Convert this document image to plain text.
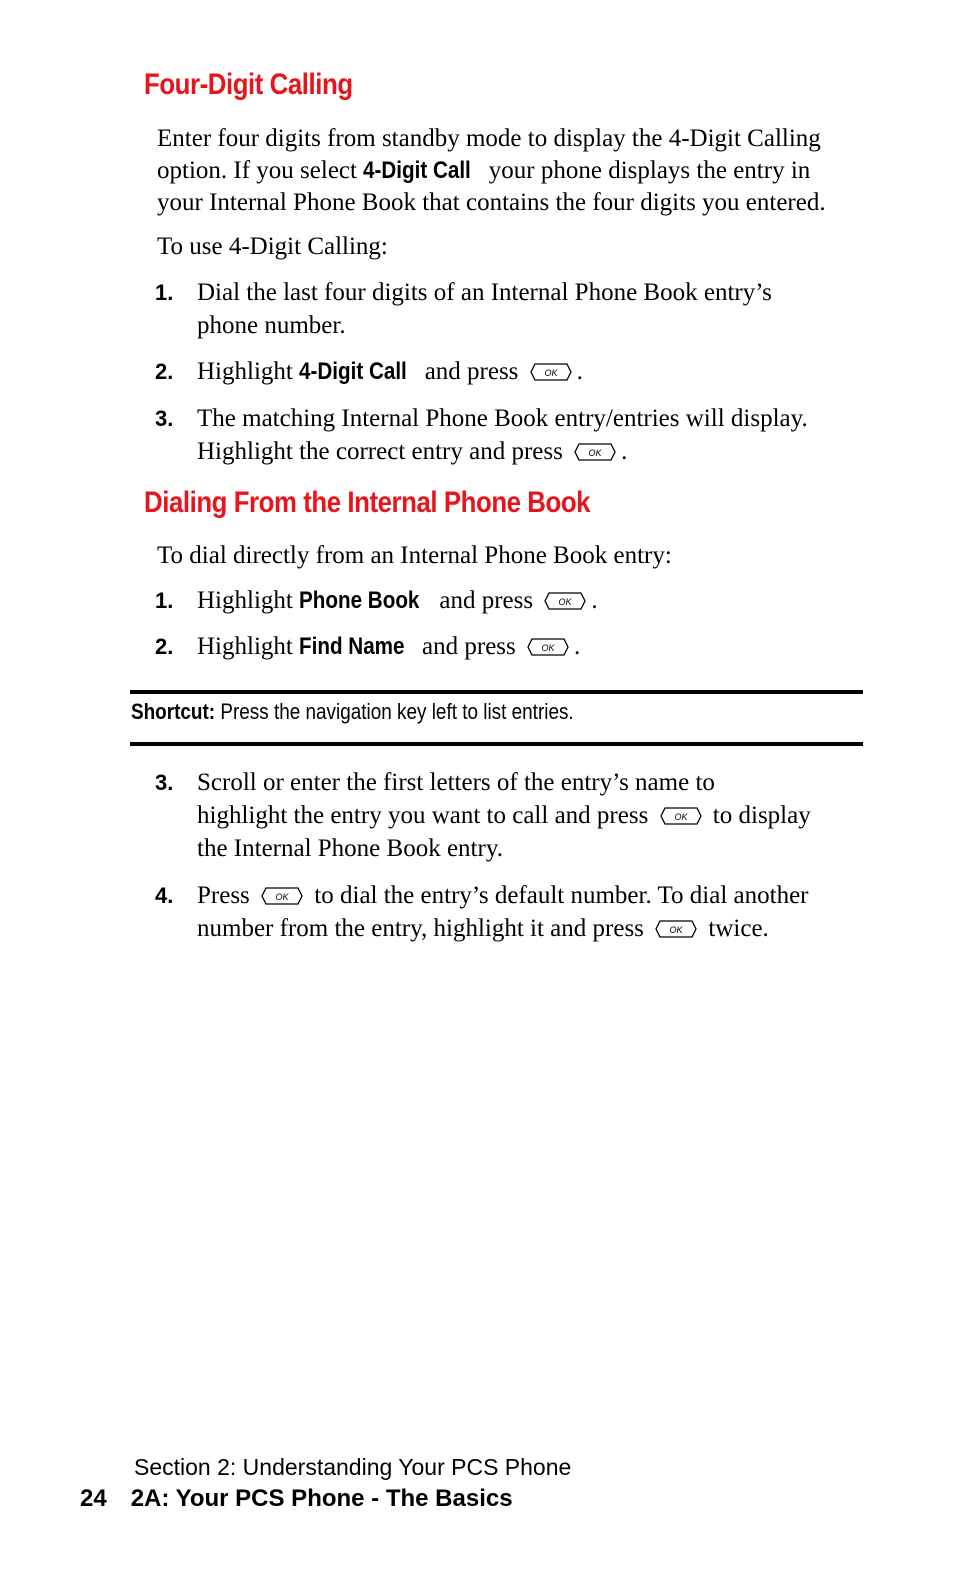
Four-Digit Calling
Enter four digits from standby mode to display the 4-Digit Calling
option. If you select 4-Digit Call your phone displays the entry in
your Internal Phone Book that contains the four digits you entered.
To use 4-Digit Calling:
1. Dial the last four digits of an Internal Phone Book entry’s
phone number.
2. Highlight 4-Digit Call and press	OK .
3. The matching Internal Phone Book entry/entries will display.
Highlight the correct entry and press	OK .
Dialing From the Internal Phone Book
To dial directly from an Internal Phone Book entry:
1. Highlight Phone Book and press	OK .
2. Highlight Find Name and press	OK .
Shortcut: Press the navigation key left to list entries.
3. Scroll or enter the first letters of the entry’s name to
highlight the entry you want to call and press	OK to display
the Internal Phone Book entry.
4. Press	OK to dial the entry’s default number. To dial another
number from the entry, highlight it and press	OK twice.
Section 2: Understanding Your PCS Phone
24 2A: Your PCS Phone - The Basics
